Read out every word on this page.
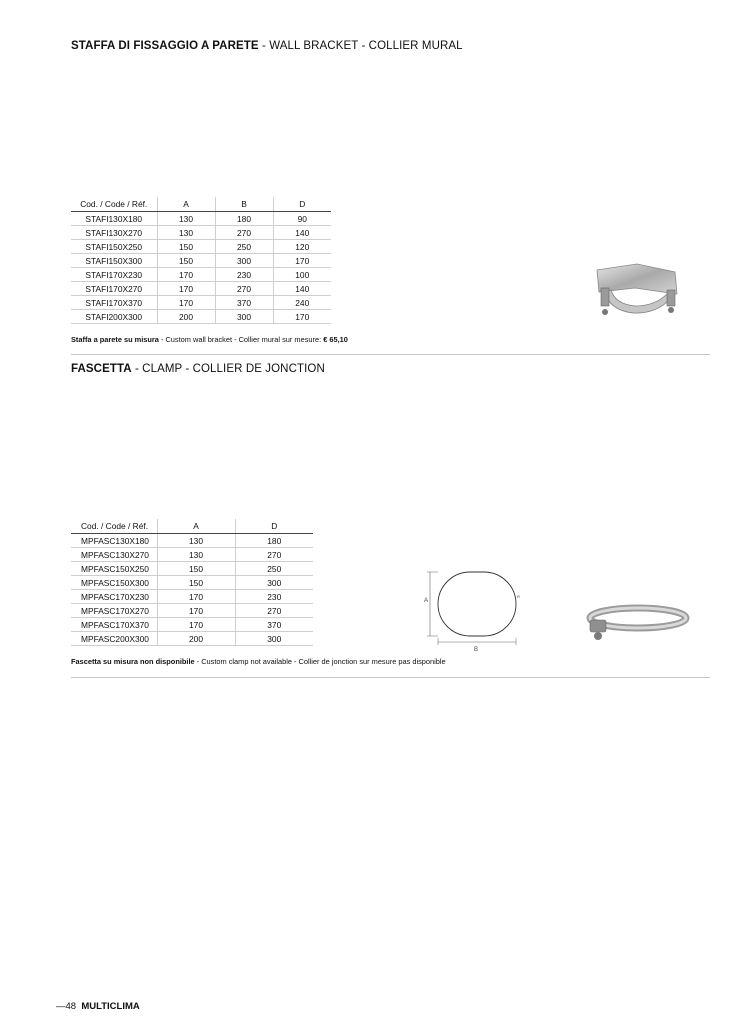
STAFFA DI FISSAGGIO A PARETE - WALL BRACKET - COLLIER MURAL
Cod. / Code / Réf.	A	B	D
STAFI130X180	130	180	90
STAFI130X270	130	270	140
STAFI150X250	150	250	120
STAFI150X300	150	300	170
STAFI170X230	170	230	100
STAFI170X270	170	270	140
STAFI170X370	170	370	240
STAFI200X300	200	300	170
Staffa a parete su misura - Custom wall bracket - Collier mural sur mesure: € 65,10
FASCETTA - CLAMP - COLLIER DE JONCTION
Cod. / Code / Réf.	A	D
MPFASC130X180	130	180
MPFASC130X270	130	270
MPFASC150X250	150	250
MPFASC150X300	150	300
MPFASC170X230	170	230
MPFASC170X270	170	270
MPFASC170X370	170	370
MPFASC200X300	200	300
A
B
R
Fascetta su misura non disponibile - Custom clamp not available - Collier de jonction sur mesure pas disponible
—48 MULTICLIMA
